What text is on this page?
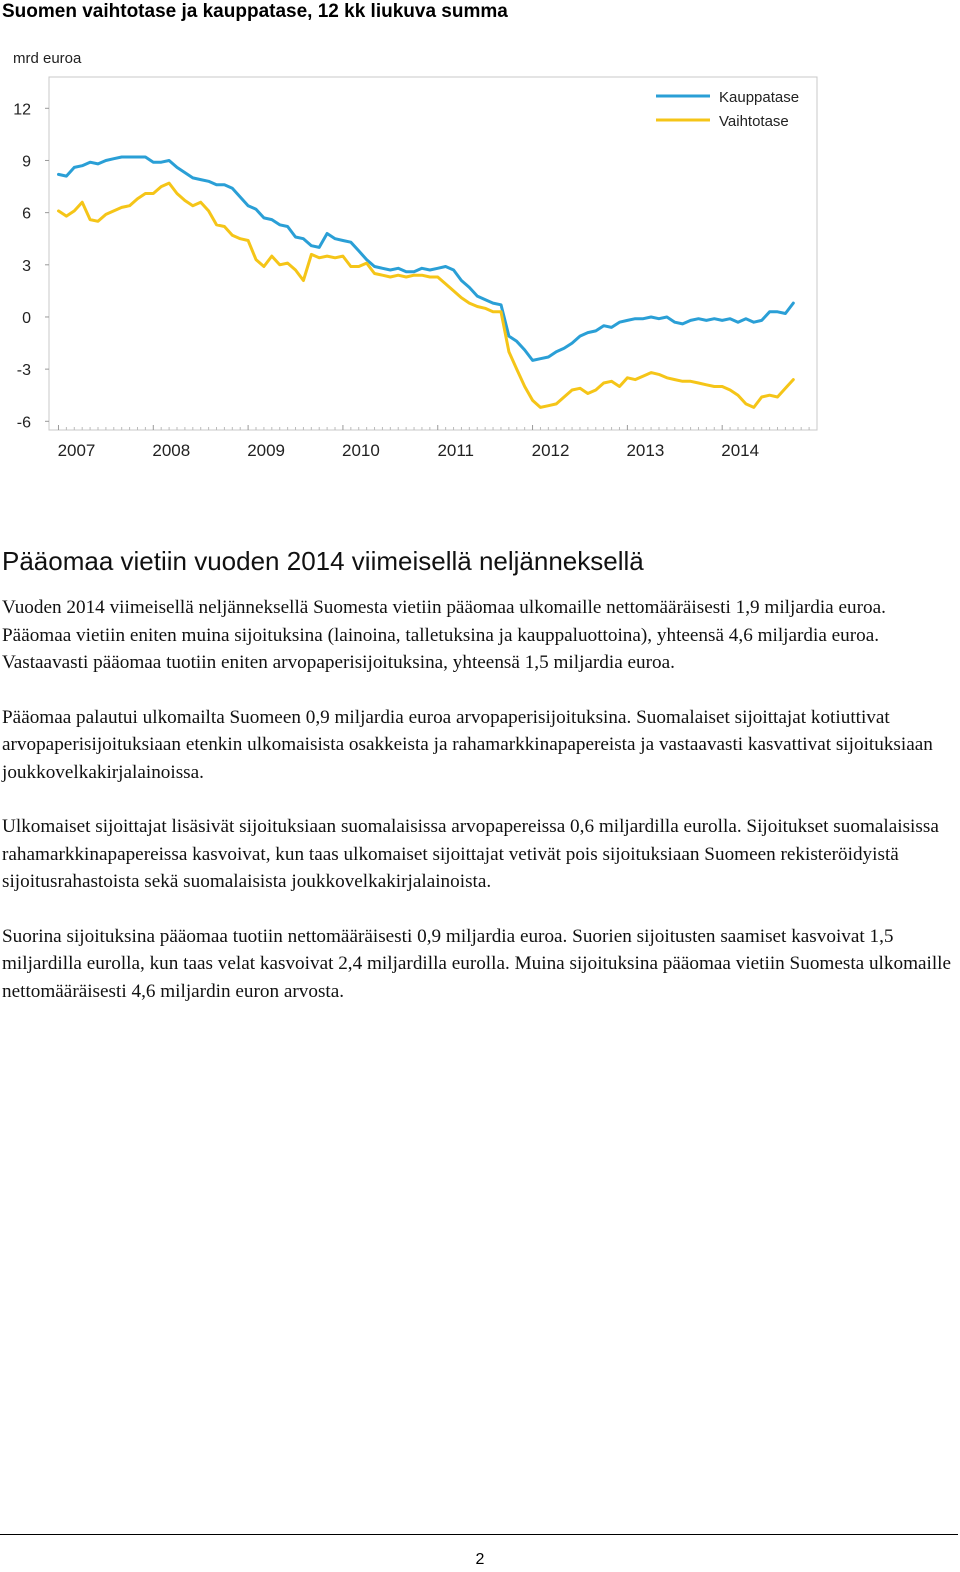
Suomen vaihtotase ja kauppatase, 12 kk liukuva summa
mrd euroa
12
9
6
3
0
-3
-6
2007	2008	2009	2010	2011	2012	2013	2014
Kauppatase
Vaihtotase
Pääomaa vietiin vuoden 2014 viimeisellä neljänneksellä

Vuoden 2014 viimeisellä neljänneksellä Suomesta vietiin pääomaa ulkomaille nettomääräisesti 1,9 miljardia euroa. Pääomaa vietiin eniten muina sijoituksina (lainoina, talletuksina ja kauppaluottoina), yhteensä 4,6 miljardia euroa. Vastaavasti pääomaa tuotiin eniten arvopaperisijoituksina, yhteensä 1,5 miljardia euroa.

Pääomaa palautui ulkomailta Suomeen 0,9 miljardia euroa arvopaperisijoituksina. Suomalaiset sijoittajat kotiuttivat arvopaperisijoituksiaan etenkin ulkomaisista osakkeista ja rahamarkkinapapereista ja vastaavasti kasvattivat sijoituksiaan joukkovelkakirjalainoissa.

Ulkomaiset sijoittajat lisäsivät sijoituksiaan suomalaisissa arvopapereissa 0,6 miljardilla eurolla. Sijoitukset suomalaisissa rahamarkkinapapereissa kasvoivat, kun taas ulkomaiset sijoittajat vetivät pois sijoituksiaan Suomeen rekisteröidyistä sijoitusrahastoista sekä suomalaisista joukkovelkakirjalainoista.

Suorina sijoituksina pääomaa tuotiin nettomääräisesti 0,9 miljardia euroa. Suorien sijoitusten saamiset kasvoivat 1,5 miljardilla eurolla, kun taas velat kasvoivat 2,4 miljardilla eurolla. Muina sijoituksina pääomaa vietiin Suomesta ulkomaille nettomääräisesti 4,6 miljardin euron arvosta.

2
